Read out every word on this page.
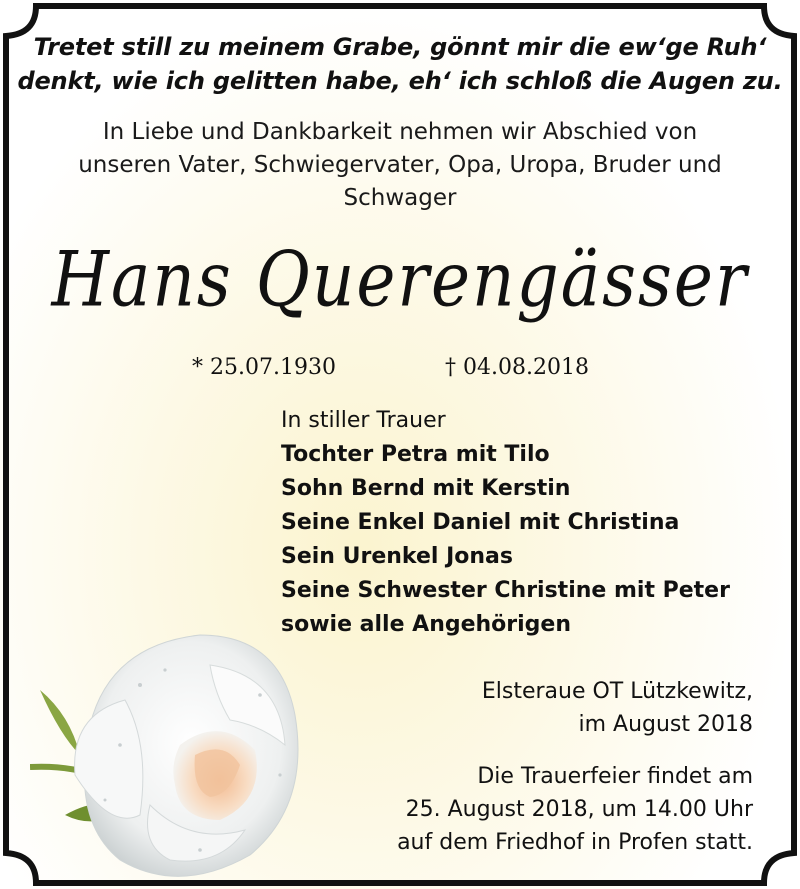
Tretet still zu meinem Grabe, gönnt mir die ew‘ge Ruh‘
denkt, wie ich gelitten habe, eh‘ ich schloß die Augen zu.
In Liebe und Dankbarkeit nehmen wir Abschied von
unseren Vater, Schwiegervater, Opa, Uropa, Bruder und
Schwager
Hans Querengässer
* 25.07.1930	† 04.08.2018
In stiller Trauer
Tochter Petra mit Tilo
Sohn Bernd mit Kerstin
Seine Enkel Daniel mit Christina
Sein Urenkel Jonas
Seine Schwester Christine mit Peter
sowie alle Angehörigen
Elsteraue OT Lützkewitz,
im August 2018
Die Trauerfeier findet am
25. August 2018, um 14.00 Uhr
auf dem Friedhof in Profen statt.
